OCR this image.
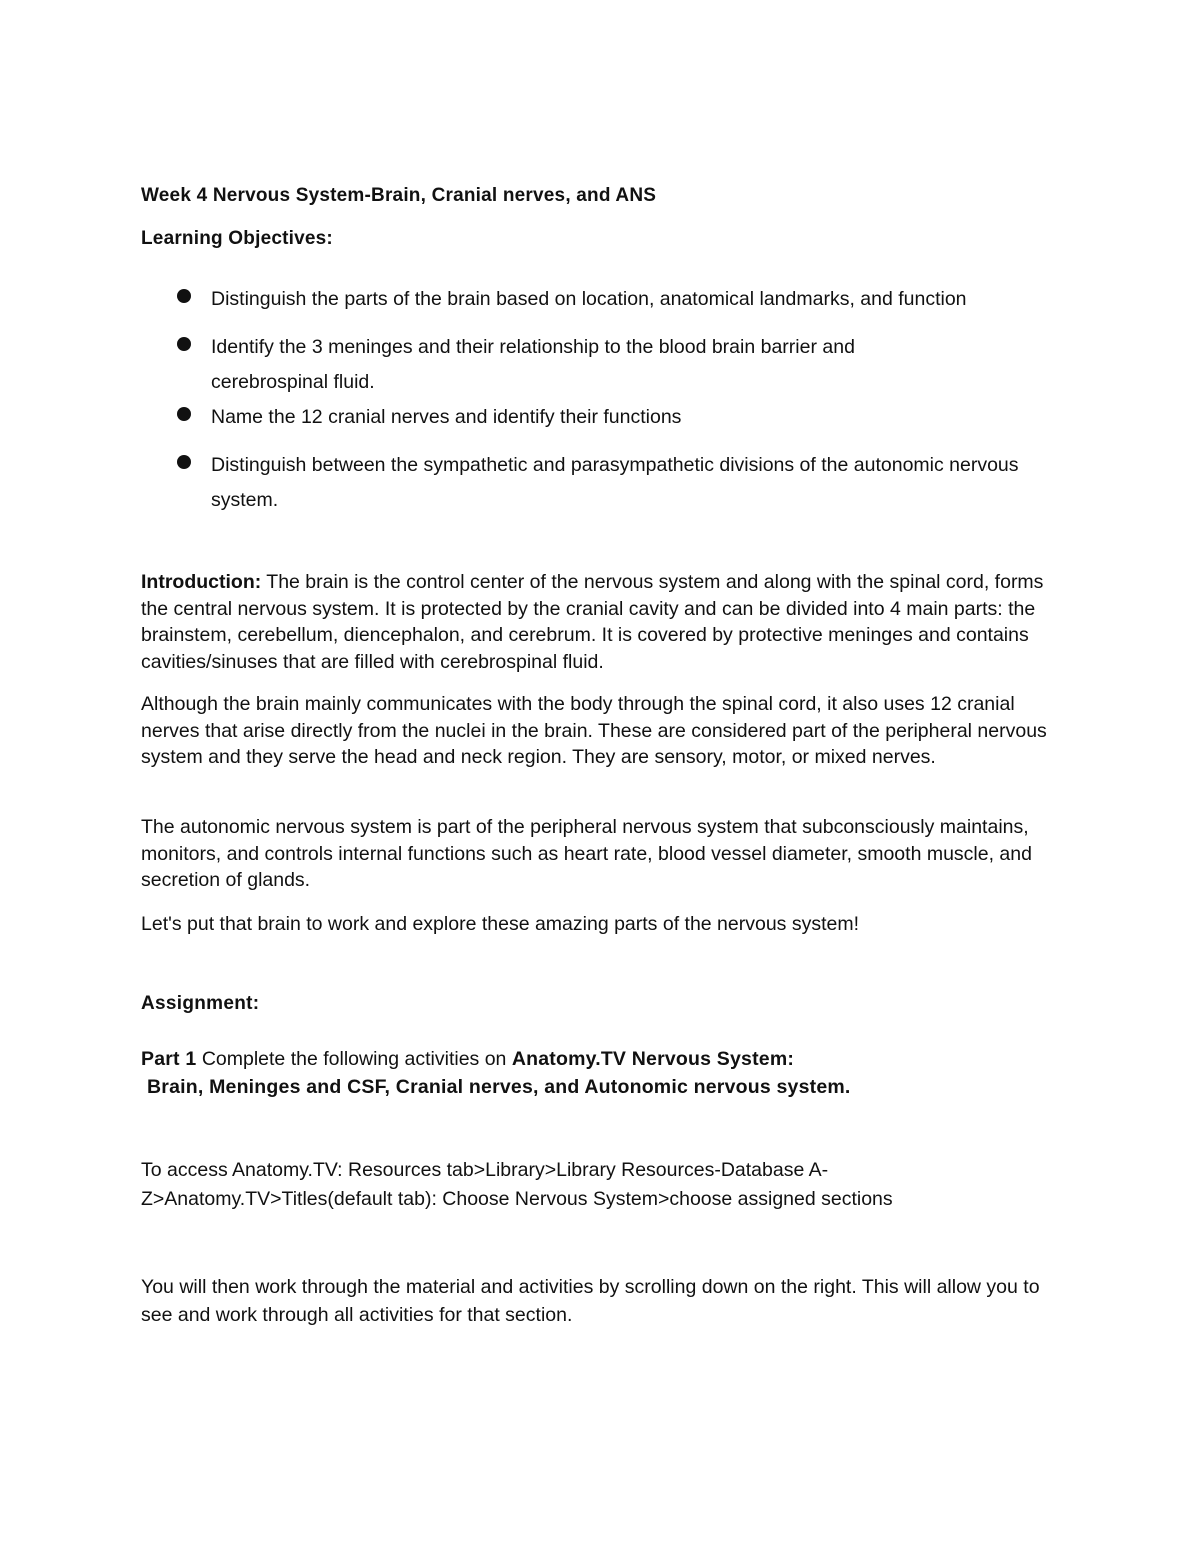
Week 4 Nervous System-Brain, Cranial nerves, and ANS
Learning Objectives:
Distinguish the parts of the brain based on location, anatomical landmarks, and function
Identify the 3 meninges and their relationship to the blood brain barrier and cerebrospinal fluid.
Name the 12 cranial nerves and identify their functions
Distinguish between the sympathetic and parasympathetic divisions of the autonomic nervous system.

Introduction: The brain is the control center of the nervous system and along with the spinal cord, forms the central nervous system. It is protected by the cranial cavity and can be divided into 4 main parts: the brainstem, cerebellum, diencephalon, and cerebrum. It is covered by protective meninges and contains cavities/sinuses that are filled with cerebrospinal fluid.

Although the brain mainly communicates with the body through the spinal cord, it also uses 12 cranial nerves that arise directly from the nuclei in the brain. These are considered part of the peripheral nervous system and they serve the head and neck region. They are sensory, motor, or mixed nerves.

The autonomic nervous system is part of the peripheral nervous system that subconsciously maintains, monitors, and controls internal functions such as heart rate, blood vessel diameter, smooth muscle, and secretion of glands.

Let's put that brain to work and explore these amazing parts of the nervous system!

Assignment:
Part 1 Complete the following activities on Anatomy.TV Nervous System:
Brain, Meninges and CSF, Cranial nerves, and Autonomic nervous system.
To access Anatomy.TV: Resources tab>Library>Library Resources-Database A-Z>Anatomy.TV>Titles(default tab): Choose Nervous System>choose assigned sections
You will then work through the material and activities by scrolling down on the right. This will allow you to see and work through all activities for that section.
